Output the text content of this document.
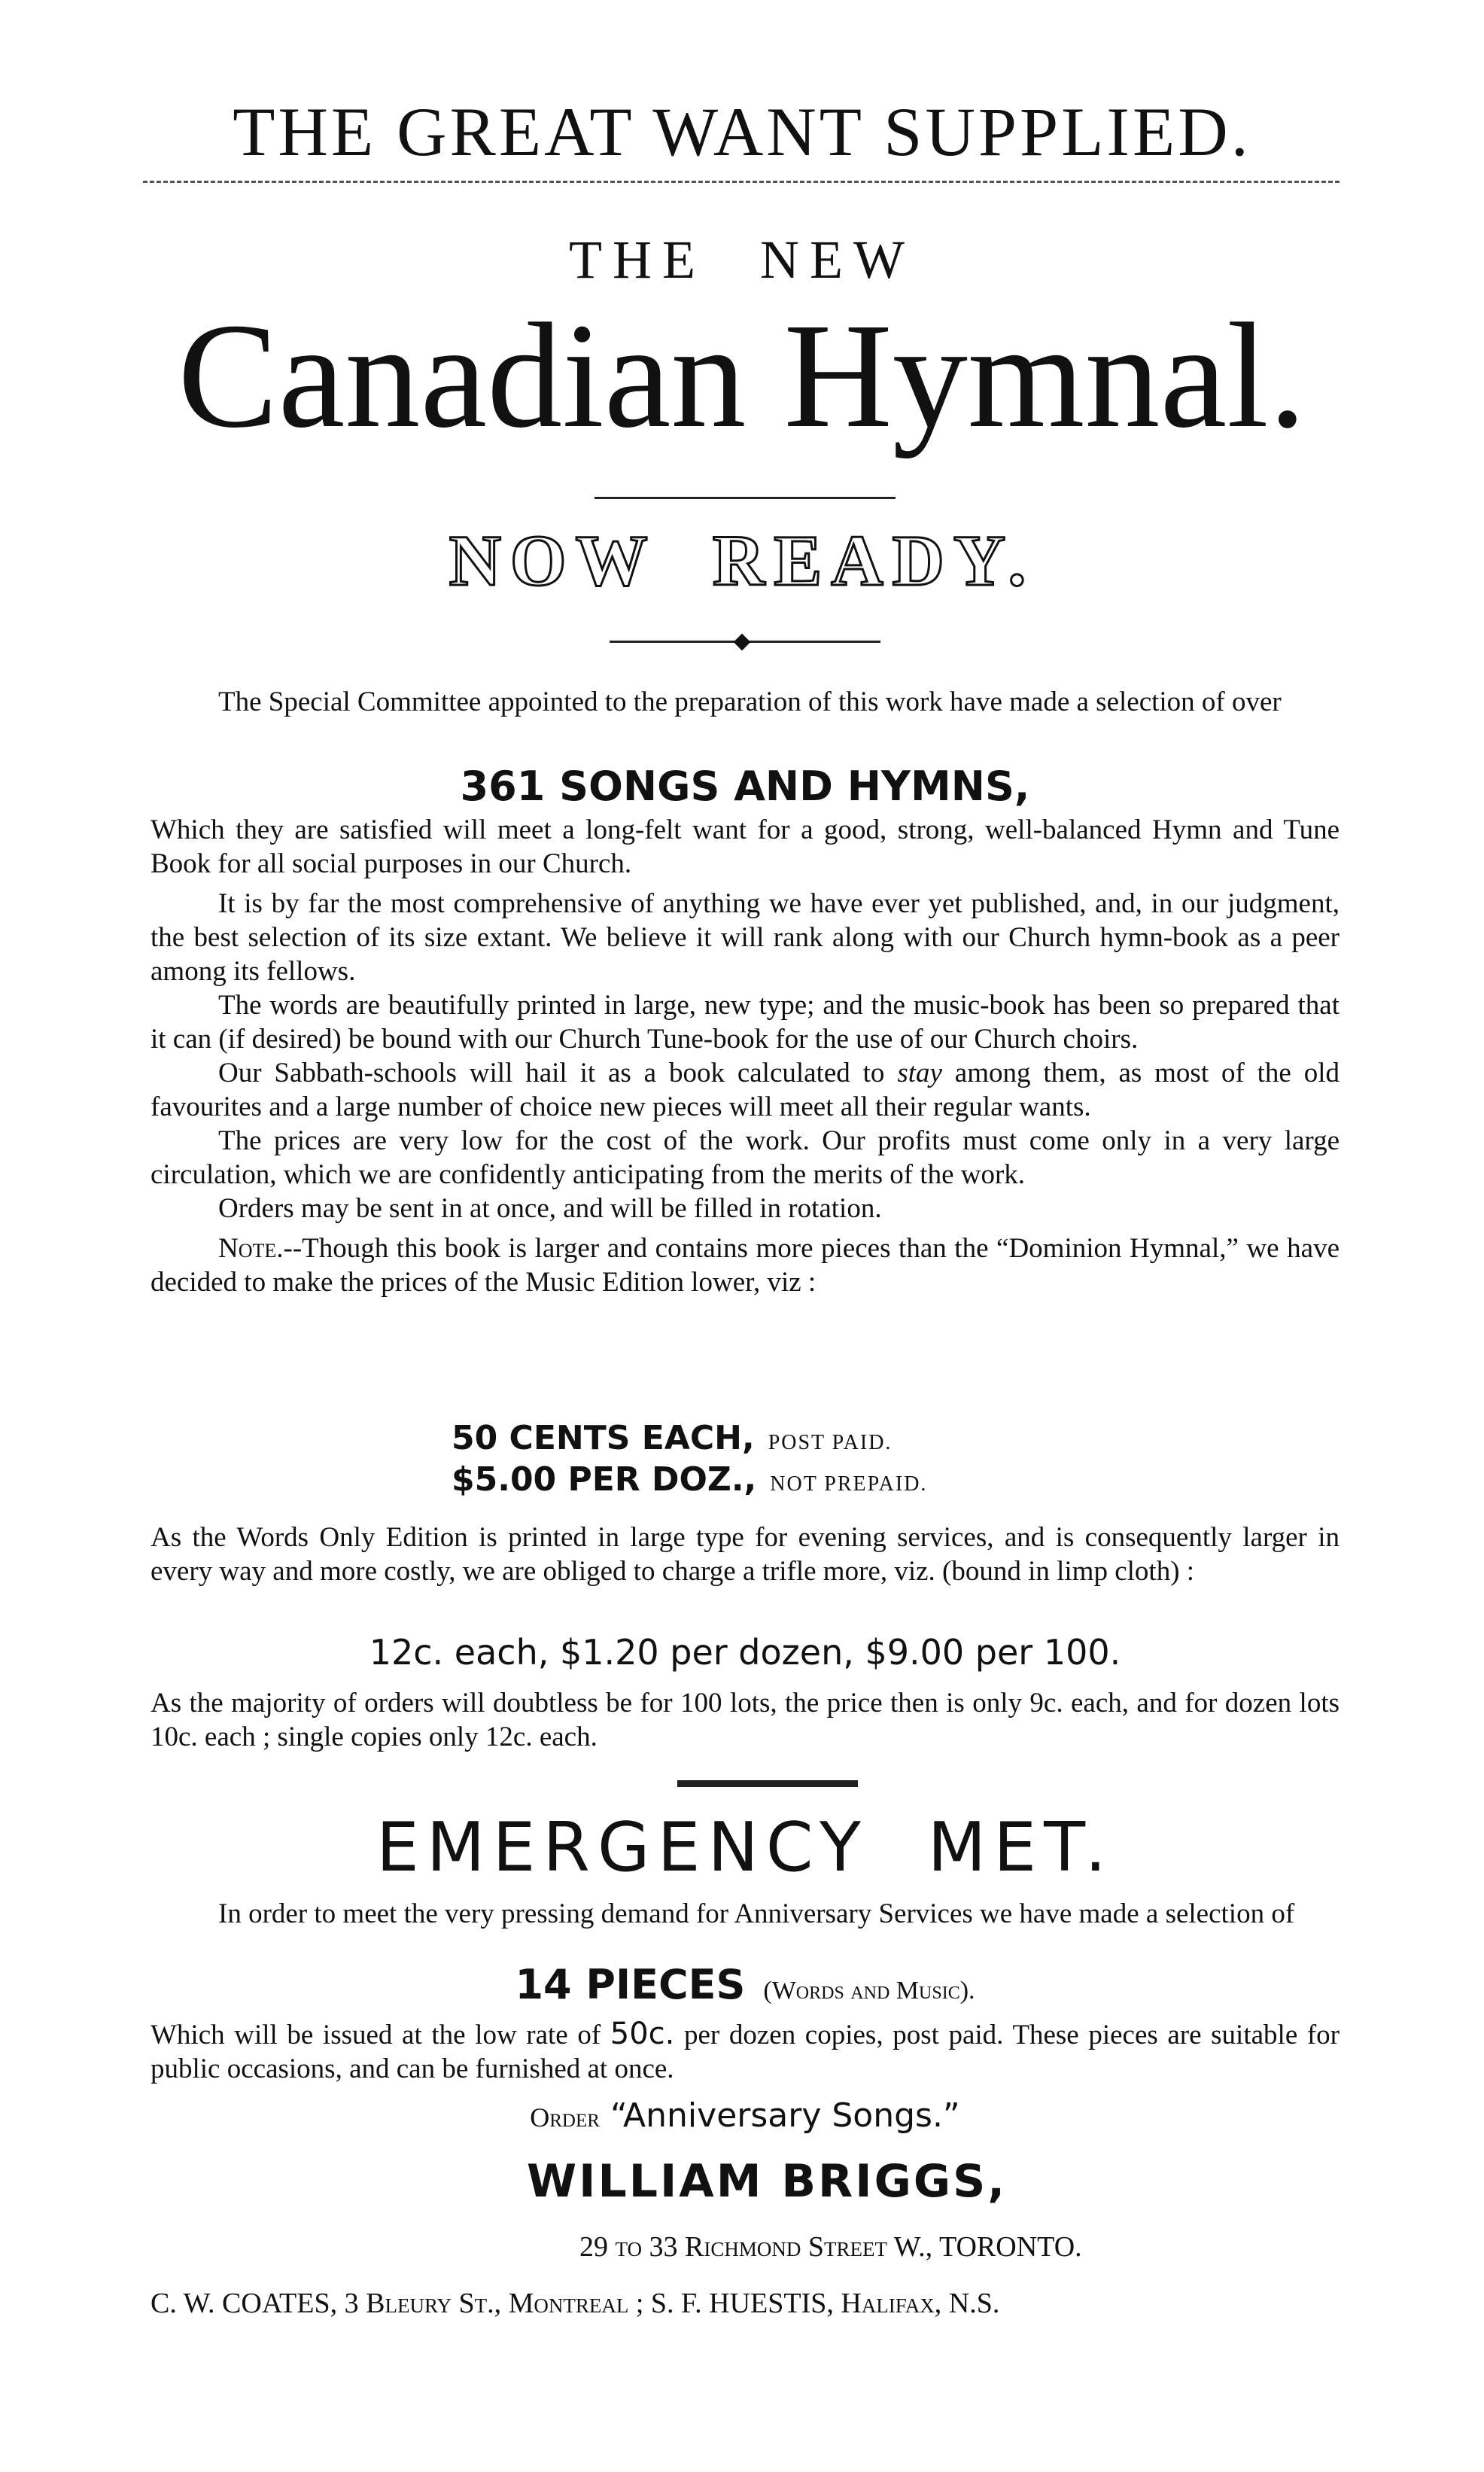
THE GREAT WANT SUPPLIED.
THE NEW
Canadian Hymnal.
NOW READY.

The Special Committee appointed to the preparation of this work have made a selection of over

361 SONGS AND HYMNS,

Which they are satisfied will meet a long-felt want for a good, strong, well-balanced Hymn and Tune Book for all social purposes in our Church.

It is by far the most comprehensive of anything we have ever yet published, and, in our judgment, the best selection of its size extant. We believe it will rank along with our Church hymn-book as a peer among its fellows.

The words are beautifully printed in large, new type; and the music-book has been so prepared that it can (if desired) be bound with our Church Tune-book for the use of our Church choirs.

Our Sabbath-schools will hail it as a book calculated to stay among them, as most of the old favourites and a large number of choice new pieces will meet all their regular wants.

The prices are very low for the cost of the work. Our profits must come only in a very large circulation, which we are confidently anticipating from the merits of the work.

Orders may be sent in at once, and will be filled in rotation.

Note.--Though this book is larger and contains more pieces than the “Dominion Hymnal,” we have decided to make the prices of the Music Edition lower, viz :

50 CENTS EACH, POST PAID.
$5.00 PER DOZ., NOT PREPAID.

As the Words Only Edition is printed in large type for evening services, and is consequently larger in every way and more costly, we are obliged to charge a trifle more, viz. (bound in limp cloth) :

12c. each, $1.20 per dozen, $9.00 per 100.

As the majority of orders will doubtless be for 100 lots, the price then is only 9c. each, and for dozen lots 10c. each ; single copies only 12c. each.

EMERGENCY MET.

In order to meet the very pressing demand for Anniversary Services we have made a selection of

14 PIECES (Words and Music).

Which will be issued at the low rate of 50c. per dozen copies, post paid. These pieces are suitable for public occasions, and can be furnished at once.

Order “Anniversary Songs.”
WILLIAM BRIGGS,
29 to 33 Richmond Street W., TORONTO.
C. W. COATES, 3 Bleury St., Montreal ; S. F. HUESTIS, Halifax, N.S.
